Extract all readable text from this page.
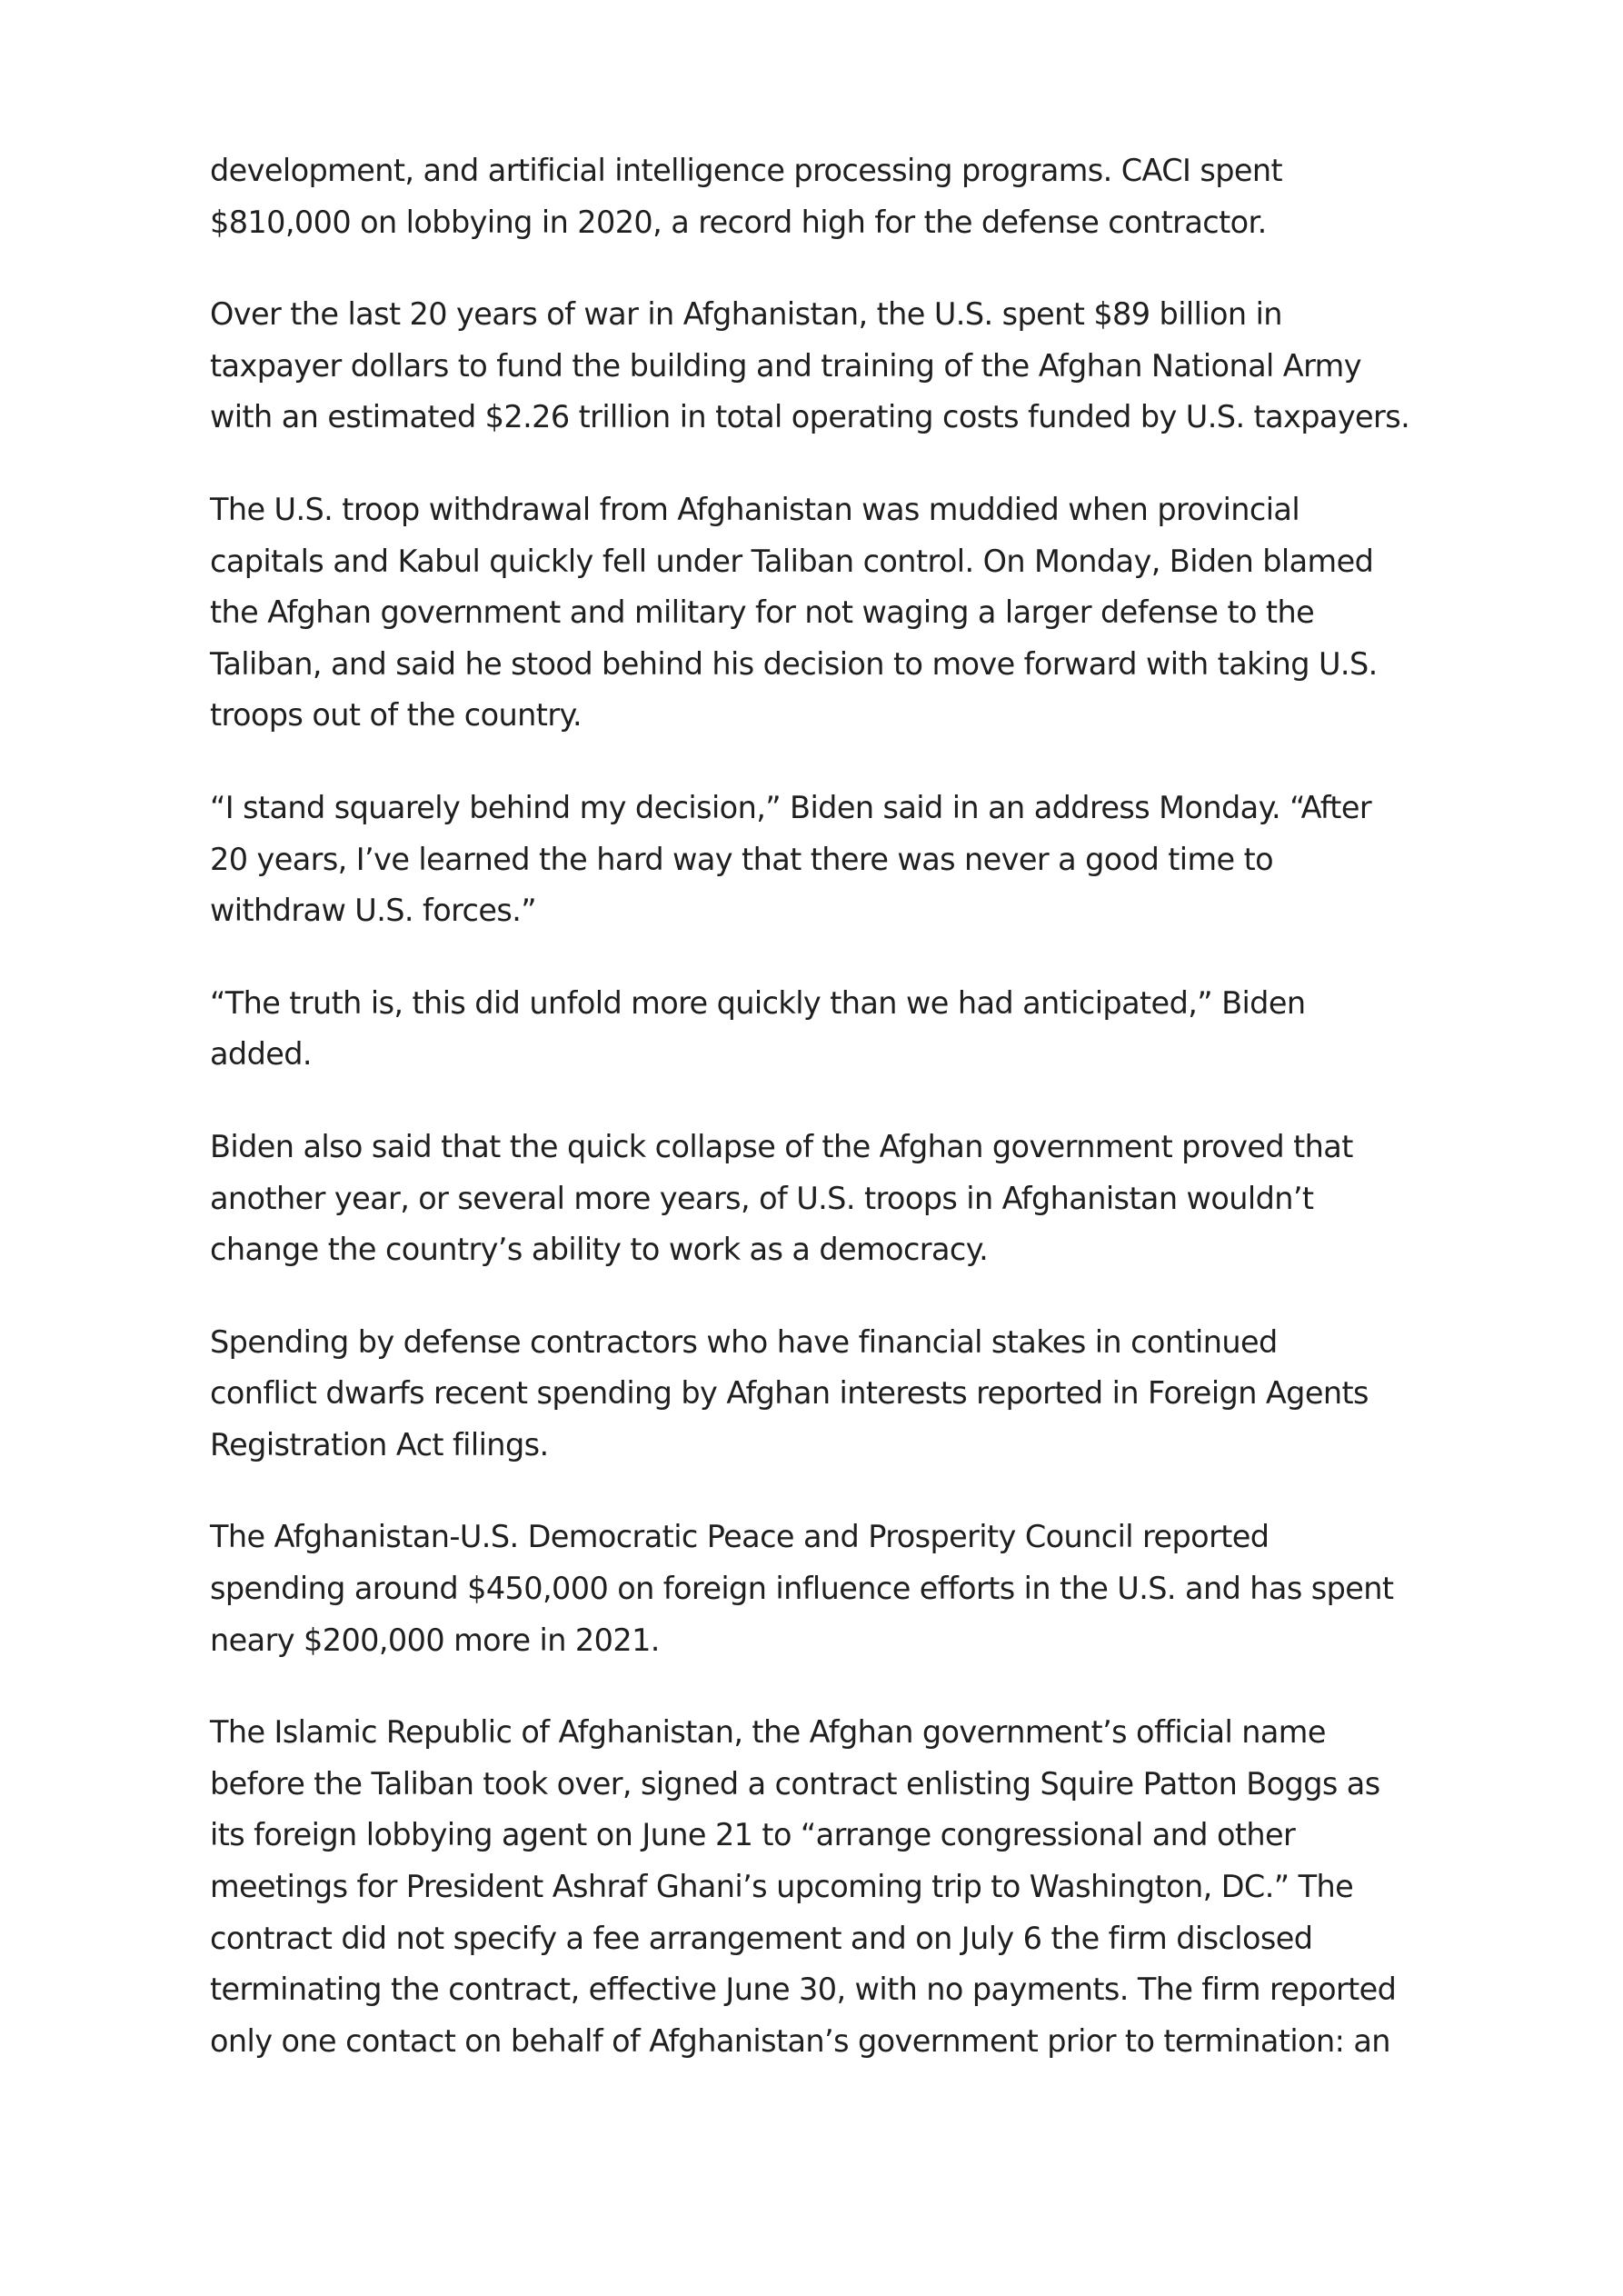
development, and artificial intelligence processing programs. CACI spent
$810,000 on lobbying in 2020, a record high for the defense contractor.

Over the last 20 years of war in Afghanistan, the U.S. spent $89 billion in
taxpayer dollars to fund the building and training of the Afghan National Army
with an estimated $2.26 trillion in total operating costs funded by U.S. taxpayers.

The U.S. troop withdrawal from Afghanistan was muddied when provincial
capitals and Kabul quickly fell under Taliban control. On Monday, Biden blamed
the Afghan government and military for not waging a larger defense to the
Taliban, and said he stood behind his decision to move forward with taking U.S.
troops out of the country.

“I stand squarely behind my decision,” Biden said in an address Monday. “After
20 years, I’ve learned the hard way that there was never a good time to
withdraw U.S. forces.”

“The truth is, this did unfold more quickly than we had anticipated,” Biden
added.

Biden also said that the quick collapse of the Afghan government proved that
another year, or several more years, of U.S. troops in Afghanistan wouldn’t
change the country’s ability to work as a democracy.

Spending by defense contractors who have financial stakes in continued
conflict dwarfs recent spending by Afghan interests reported in Foreign Agents
Registration Act filings.

The Afghanistan-U.S. Democratic Peace and Prosperity Council reported
spending around $450,000 on foreign influence efforts in the U.S. and has spent
neary $200,000 more in 2021.

The Islamic Republic of Afghanistan, the Afghan government’s official name
before the Taliban took over, signed a contract enlisting Squire Patton Boggs as
its foreign lobbying agent on June 21 to “arrange congressional and other
meetings for President Ashraf Ghani’s upcoming trip to Washington, DC.” The
contract did not specify a fee arrangement and on July 6 the firm disclosed
terminating the contract, effective June 30, with no payments. The firm reported
only one contact on behalf of Afghanistan’s government prior to termination: an
